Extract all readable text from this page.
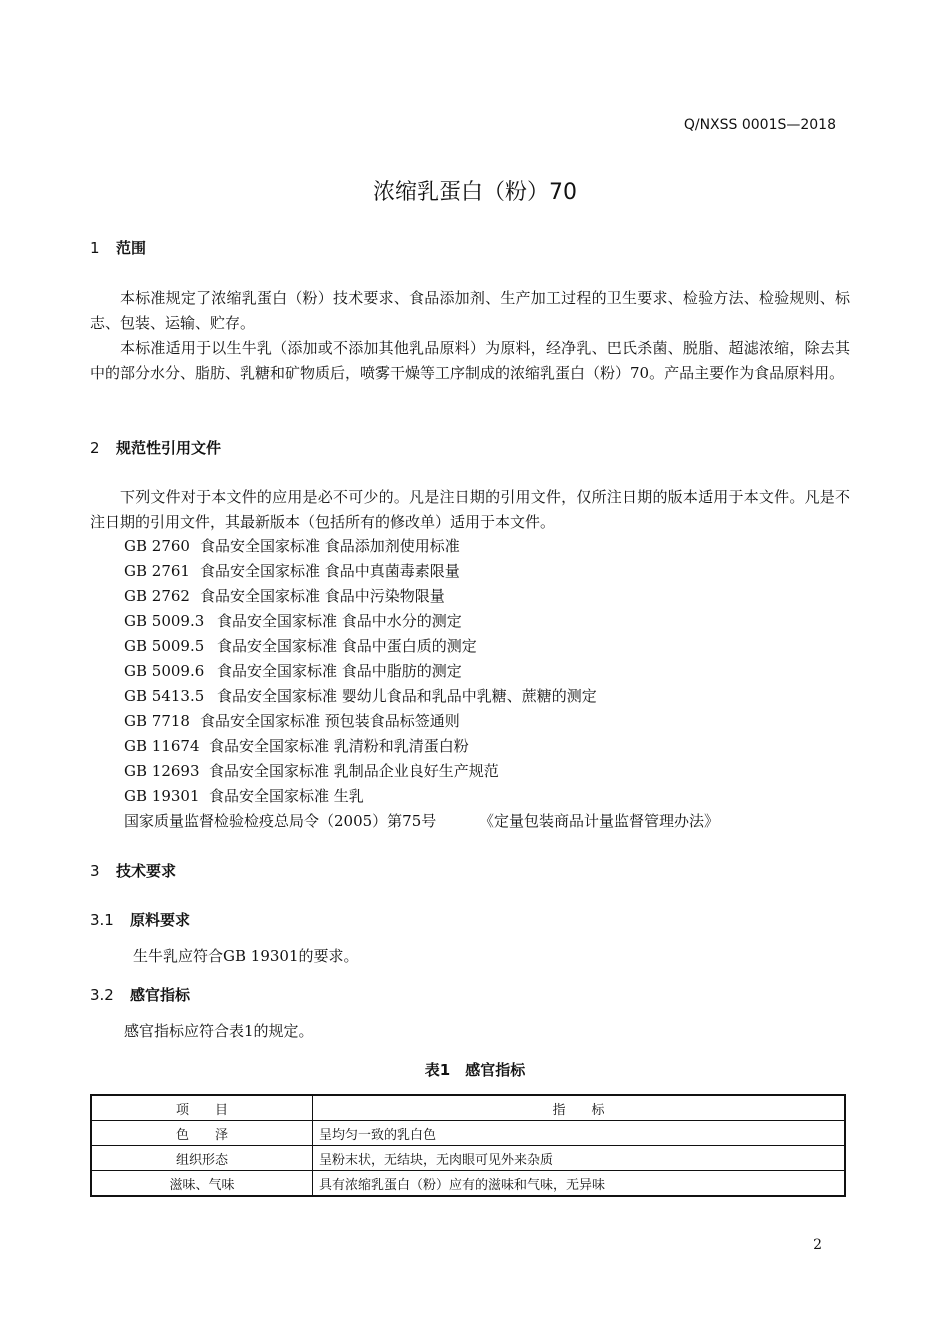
Q/NXSS 0001S—2018
浓缩乳蛋白（粉）70
1 范围
本标准规定了浓缩乳蛋白（粉）技术要求、食品添加剂、生产加工过程的卫生要求、检验方法、检验规则、标志、包装、运输、贮存。
本标准适用于以生牛乳（添加或不添加其他乳品原料）为原料，经净乳、巴氏杀菌、脱脂、超滤浓缩，除去其中的部分水分、脂肪、乳糖和矿物质后，喷雾干燥等工序制成的浓缩乳蛋白（粉）70。产品主要作为食品原料用。
2 规范性引用文件
下列文件对于本文件的应用是必不可少的。凡是注日期的引用文件，仅所注日期的版本适用于本文件。凡是不注日期的引用文件，其最新版本（包括所有的修改单）适用于本文件。
GB 2760 食品安全国家标准 食品添加剂使用标准
GB 2761 食品安全国家标准 食品中真菌毒素限量
GB 2762 食品安全国家标准 食品中污染物限量
GB 5009.3 食品安全国家标准 食品中水分的测定
GB 5009.5 食品安全国家标准 食品中蛋白质的测定
GB 5009.6 食品安全国家标准 食品中脂肪的测定
GB 5413.5 食品安全国家标准 婴幼儿食品和乳品中乳糖、蔗糖的测定
GB 7718 食品安全国家标准 预包装食品标签通则
GB 11674 食品安全国家标准 乳清粉和乳清蛋白粉
GB 12693 食品安全国家标准 乳制品企业良好生产规范
GB 19301 食品安全国家标准 生乳
国家质量监督检验检疫总局令（2005）第75号	《定量包装商品计量监督管理办法》
3 技术要求
3.1 原料要求
生牛乳应符合GB 19301的要求。
3.2 感官指标
感官指标应符合表1的规定。
表1　感官指标
项　　目	指　　标
色　　泽	呈均匀一致的乳白色
组织形态	呈粉末状，无结块，无肉眼可见外来杂质
滋味、气味	具有浓缩乳蛋白（粉）应有的滋味和气味，无异味
2
